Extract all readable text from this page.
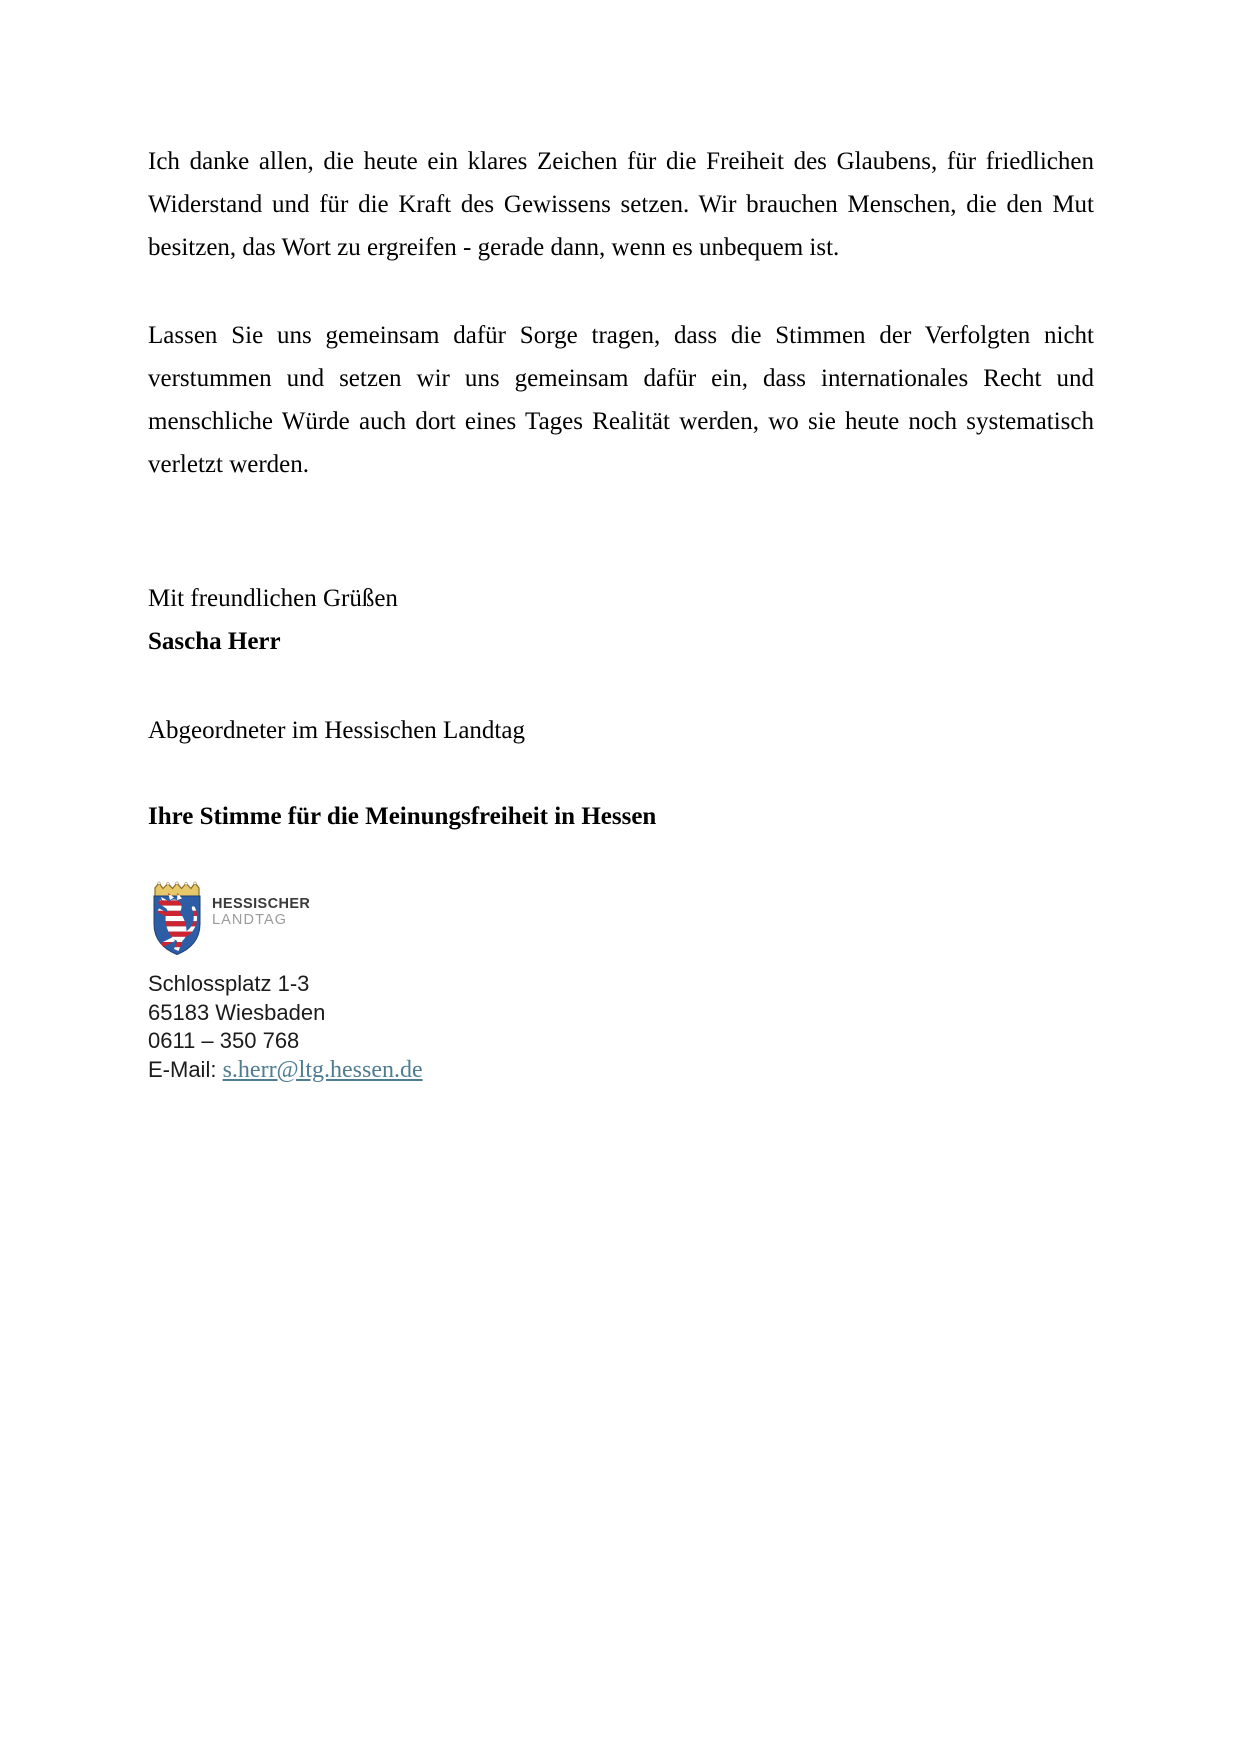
Ich danke allen, die heute ein klares Zeichen für die Freiheit des Glaubens, für friedlichen
Widerstand und für die Kraft des Gewissens setzen. Wir brauchen Menschen, die den Mut
besitzen, das Wort zu ergreifen - gerade dann, wenn es unbequem ist.
Lassen Sie uns gemeinsam dafür Sorge tragen, dass die Stimmen der Verfolgten nicht
verstummen und setzen wir uns gemeinsam dafür ein, dass internationales Recht und
menschliche Würde auch dort eines Tages Realität werden, wo sie heute noch systematisch
verletzt werden.
Mit freundlichen Grüßen
Sascha Herr
Abgeordneter im Hessischen Landtag
Ihre Stimme für die Meinungsfreiheit in Hessen
HESSISCHER
LANDTAG
Schlossplatz 1-3
65183 Wiesbaden
0611 – 350 768
E-Mail: s.herr@ltg.hessen.de
